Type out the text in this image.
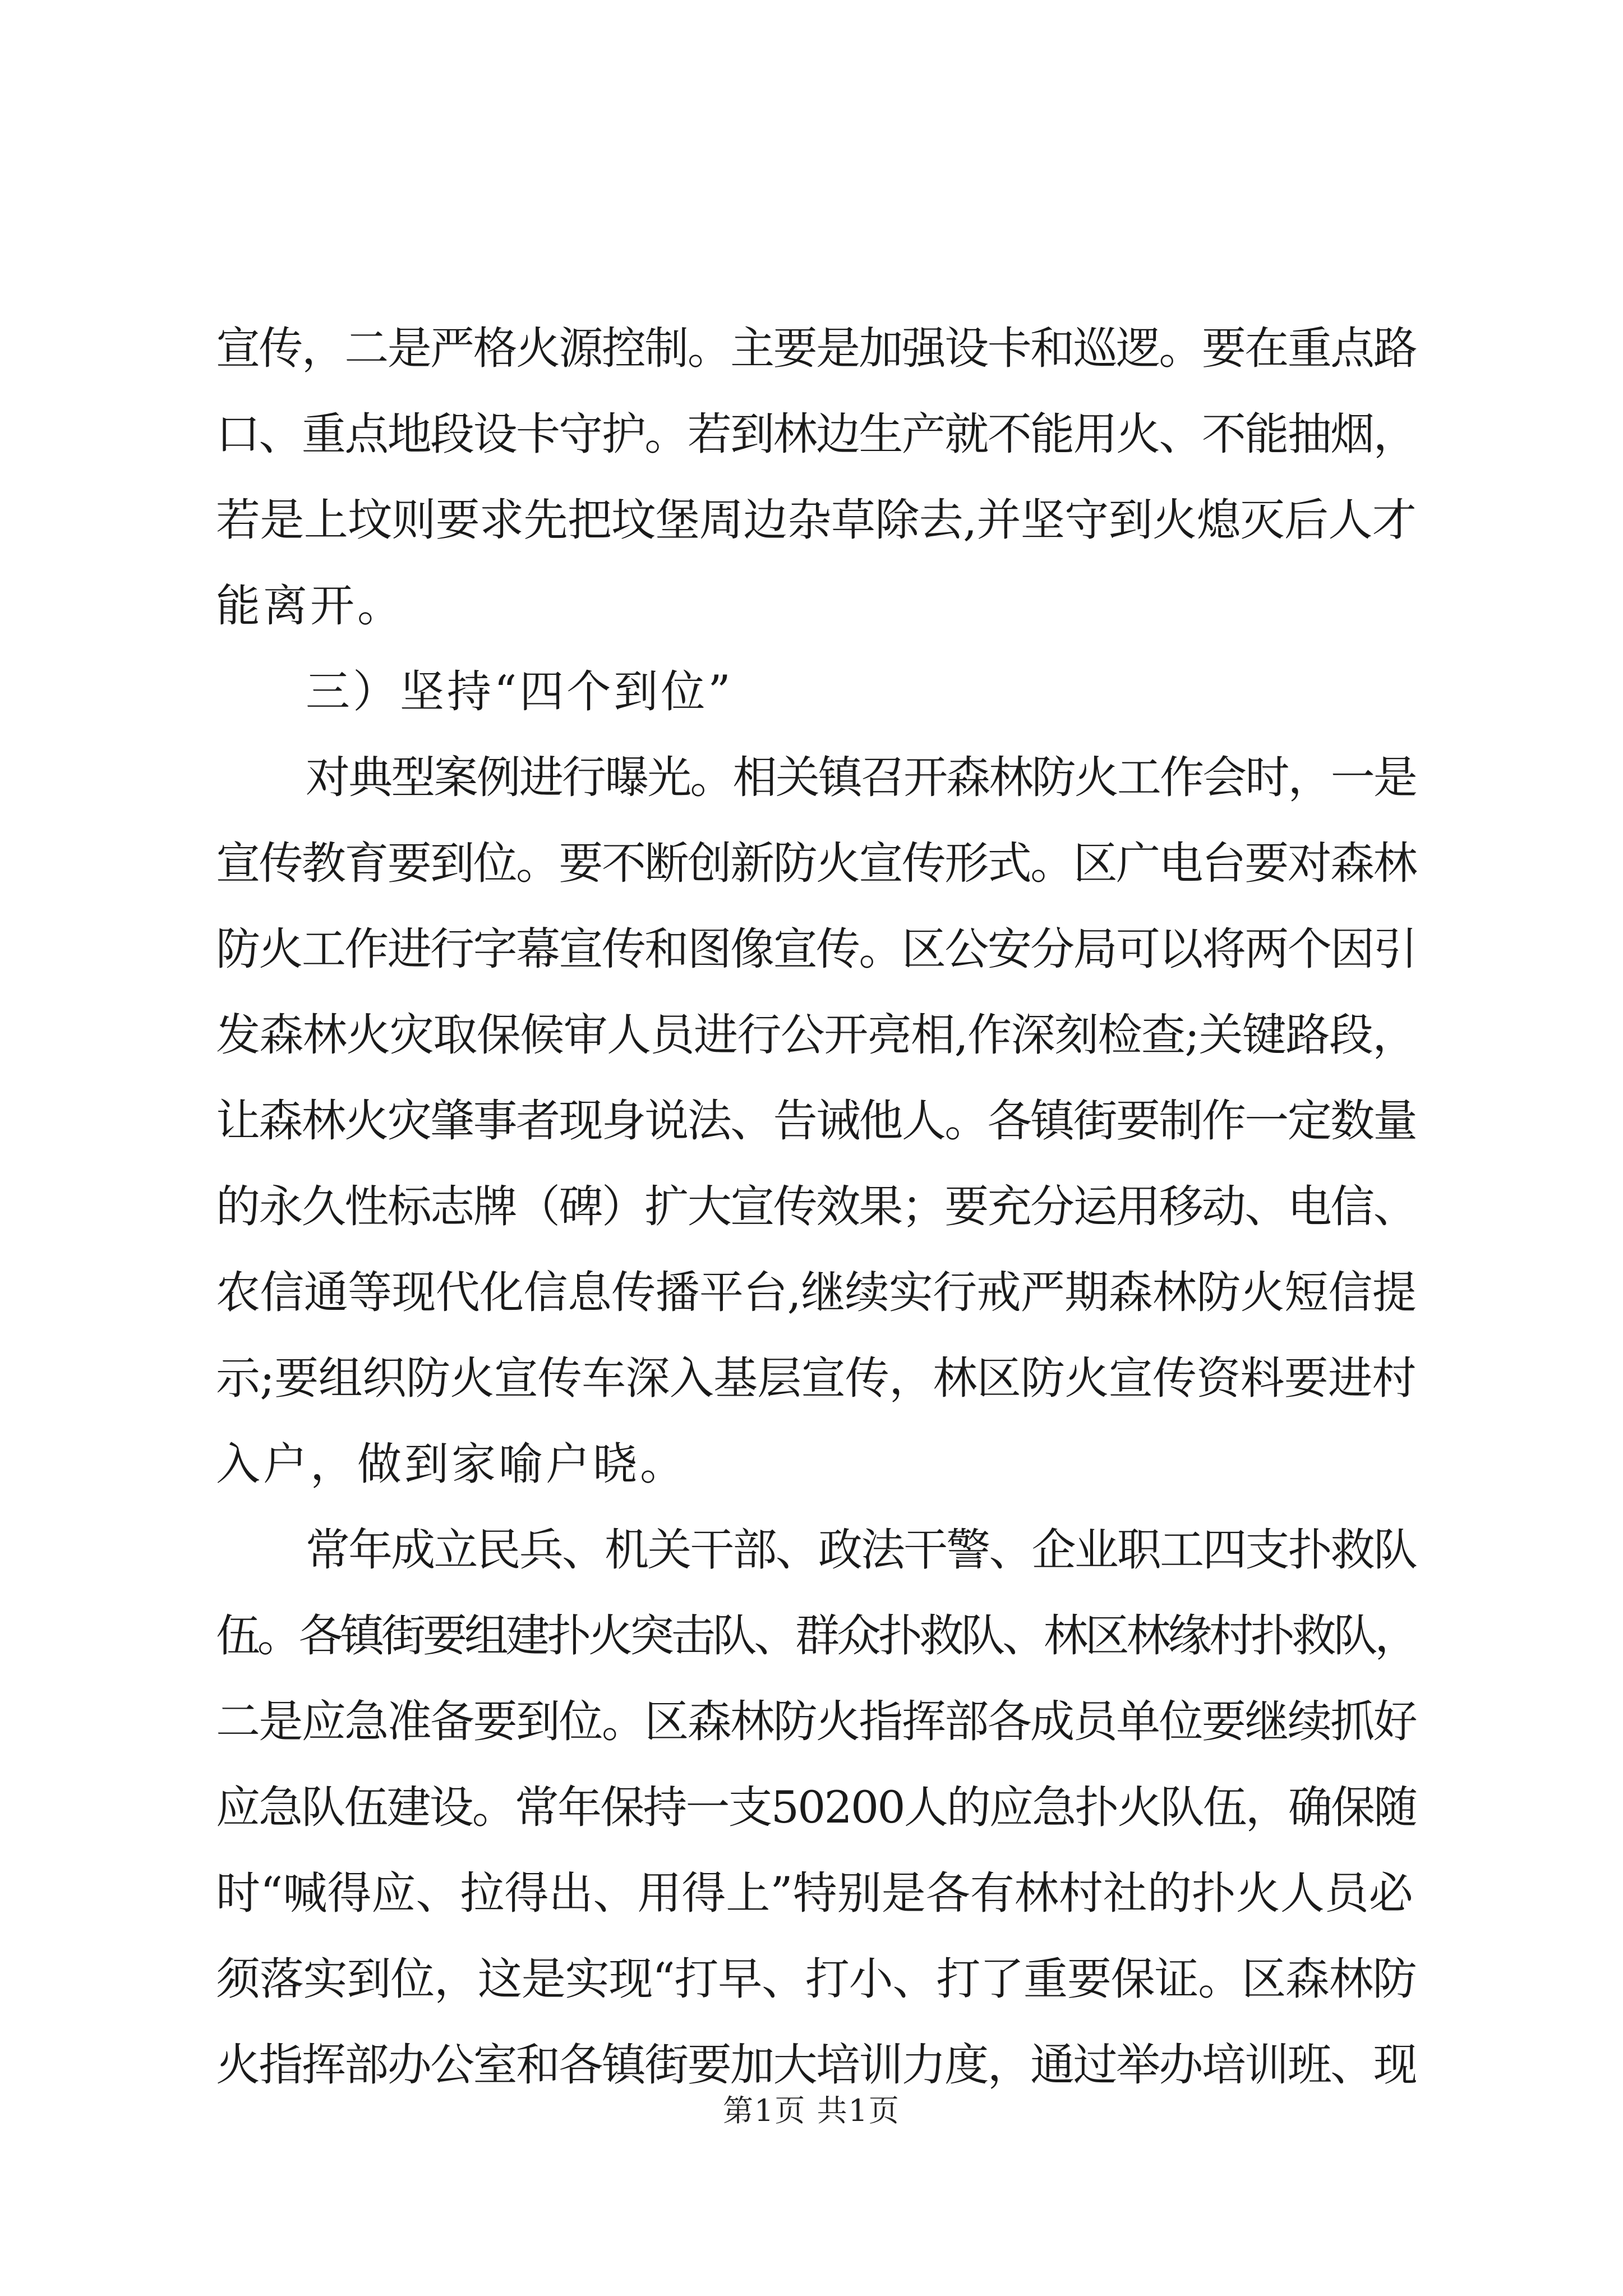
宣传，二是严格火源控制。主要是加强设卡和巡逻。要在重点路
口、重点地段设卡守护。若到林边生产就不能用火、不能抽烟，
若是上坟则要求先把坟堡周边杂草除去,并坚守到火熄灭后人才
能离开。
三）坚持“四个到位”
对典型案例进行曝光。相关镇召开森林防火工作会时，一是
宣传教育要到位。要不断创新防火宣传形式。区广电台要对森林
防火工作进行字幕宣传和图像宣传。区公安分局可以将两个因引
发森林火灾取保候审人员进行公开亮相,作深刻检查;关键路段，
让森林火灾肇事者现身说法、告诫他人。各镇街要制作一定数量
的永久性标志牌（碑）扩大宣传效果；要充分运用移动、电信、
农信通等现代化信息传播平台,继续实行戒严期森林防火短信提
示;要组织防火宣传车深入基层宣传，林区防火宣传资料要进村
入户，做到家喻户晓。
常年成立民兵、机关干部、政法干警、企业职工四支扑救队
伍。各镇街要组建扑火突击队、群众扑救队、林区林缘村扑救队，
二是应急准备要到位。区森林防火指挥部各成员单位要继续抓好
应急队伍建设。常年保持一支50200人的应急扑火队伍，确保随
时“喊得应、拉得出、用得上”特别是各有林村社的扑火人员必
须落实到位，这是实现“打早、打小、打了重要保证。区森林防
火指挥部办公室和各镇街要加大培训力度，通过举办培训班、现
第1页 共1页
